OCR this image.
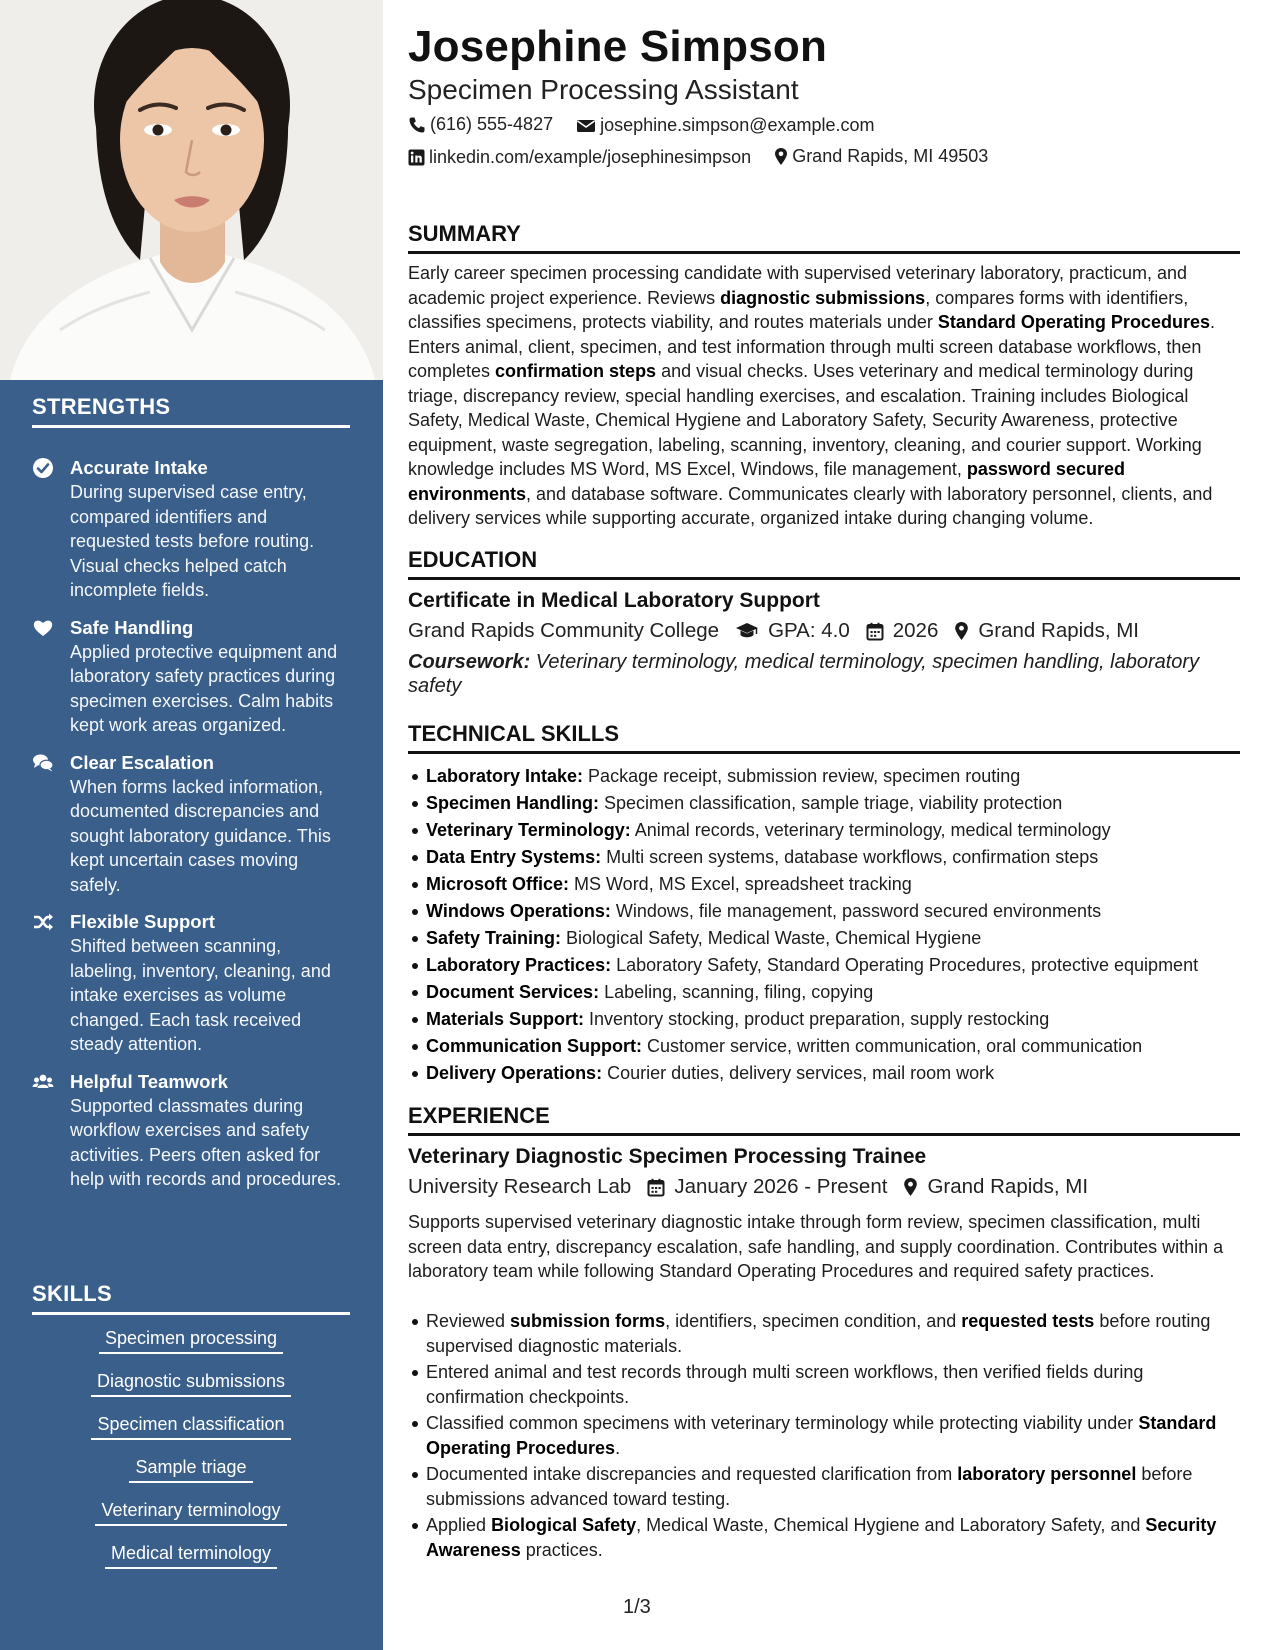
STRENGTHS
Accurate Intake
During supervised case entry, compared identifiers and requested tests before routing. Visual checks helped catch incomplete fields.
Safe Handling
Applied protective equipment and laboratory safety practices during specimen exercises. Calm habits kept work areas organized.
Clear Escalation
When forms lacked information, documented discrepancies and sought laboratory guidance. This kept uncertain cases moving safely.
Flexible Support
Shifted between scanning, labeling, inventory, cleaning, and intake exercises as volume changed. Each task received steady attention.
Helpful Teamwork
Supported classmates during workflow exercises and safety activities. Peers often asked for help with records and procedures.
SKILLS
Specimen processing
Diagnostic submissions
Specimen classification
Sample triage
Veterinary terminology
Medical terminology
Josephine Simpson
Specimen Processing Assistant
(616) 555-4827
	josephine.simpson@example.com
linkedin.com/example/josephinesimpson
Grand Rapids, MI 49503
SUMMARY

Early career specimen processing candidate with supervised veterinary laboratory, practicum, and academic project experience. Reviews diagnostic submissions, compares forms with identifiers, classifies specimens, protects viability, and routes materials under Standard Operating Procedures. Enters animal, client, specimen, and test information through multi screen database workflows, then completes confirmation steps and visual checks. Uses veterinary and medical terminology during triage, discrepancy review, special handling exercises, and escalation. Training includes Biological Safety, Medical Waste, Chemical Hygiene and Laboratory Safety, Security Awareness, protective equipment, waste segregation, labeling, scanning, inventory, cleaning, and courier support. Working knowledge includes MS Word, MS Excel, Windows, file management, password secured environments, and database software. Communicates clearly with laboratory personnel, clients, and delivery services while supporting accurate, organized intake during changing volume.

EDUCATION
Certificate in Medical Laboratory Support
Grand Rapids Community College GPA: 4.0 2026 Grand Rapids, MI
Coursework: Veterinary terminology, medical terminology, specimen handling, laboratory safety
TECHNICAL SKILLS
Laboratory Intake: Package receipt, submission review, specimen routing
Specimen Handling: Specimen classification, sample triage, viability protection
Veterinary Terminology: Animal records, veterinary terminology, medical terminology
Data Entry Systems: Multi screen systems, database workflows, confirmation steps
Microsoft Office: MS Word, MS Excel, spreadsheet tracking
Windows Operations: Windows, file management, password secured environments
Safety Training: Biological Safety, Medical Waste, Chemical Hygiene
Laboratory Practices: Laboratory Safety, Standard Operating Procedures, protective equipment
Document Services: Labeling, scanning, filing, copying
Materials Support: Inventory stocking, product preparation, supply restocking
Communication Support: Customer service, written communication, oral communication
Delivery Operations: Courier duties, delivery services, mail room work
EXPERIENCE
Veterinary Diagnostic Specimen Processing Trainee
University Research Lab January 2026 - Present Grand Rapids, MI

Supports supervised veterinary diagnostic intake through form review, specimen classification, multi screen data entry, discrepancy escalation, safe handling, and supply coordination. Contributes within a laboratory team while following Standard Operating Procedures and required safety practices.

Reviewed submission forms, identifiers, specimen condition, and requested tests before routing supervised diagnostic materials.
Entered animal and test records through multi screen workflows, then verified fields during confirmation checkpoints.
Classified common specimens with veterinary terminology while protecting viability under Standard Operating Procedures.
Documented intake discrepancies and requested clarification from laboratory personnel before submissions advanced toward testing.
Applied Biological Safety, Medical Waste, Chemical Hygiene and Laboratory Safety, and Security Awareness practices.
1/3
